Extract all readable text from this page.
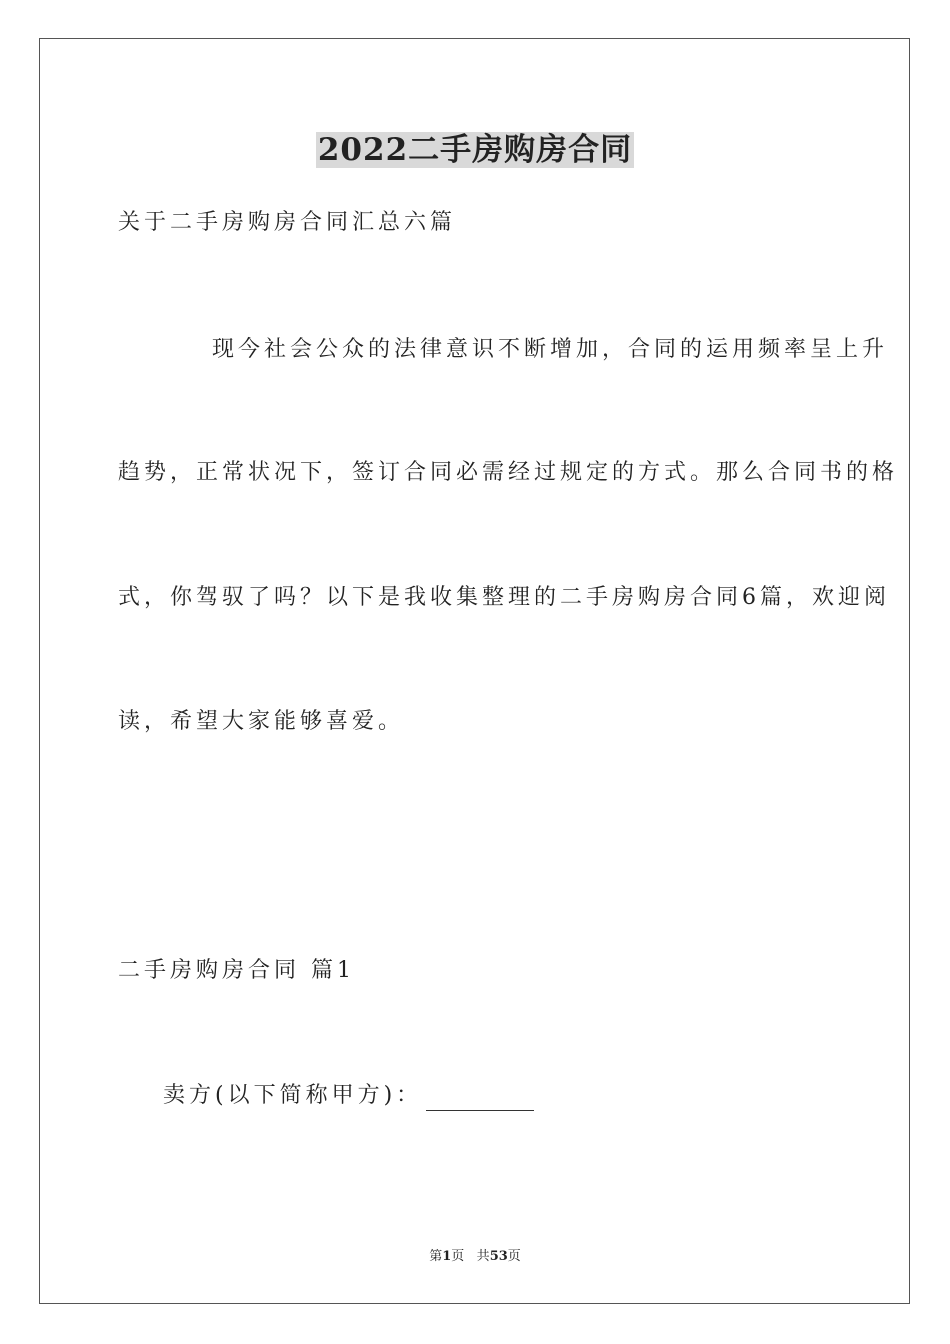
2022二手房购房合同
关于二手房购房合同汇总六篇
现今社会公众的法律意识不断增加，合同的运用频率呈上升
趋势，正常状况下，签订合同必需经过规定的方式。那么合同书的格
式，你驾驭了吗？以下是我收集整理的二手房购房合同6篇，欢迎阅
读，希望大家能够喜爱。
二手房购房合同 篇1
卖方(以下简称甲方)：
第1页 共53页
